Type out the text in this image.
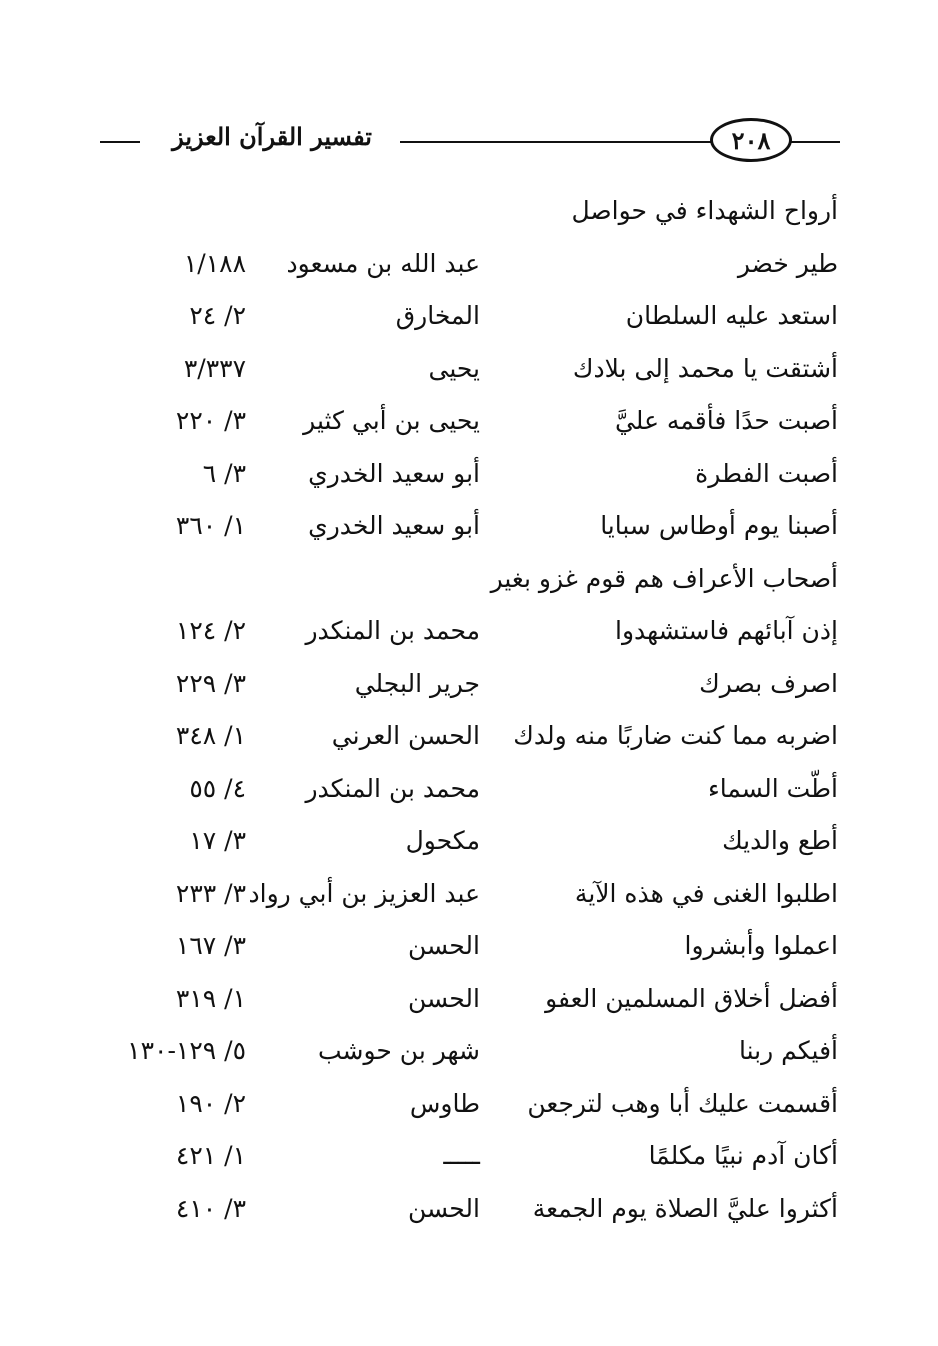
تفسير القرآن العزيز	٢٠٨
أرواح الشهداء في حواصل
طير خضر
عبد الله بن مسعود
١/١٨٨
استعد عليه السلطان
المخارق
٢/ ٢٤
أشتقت يا محمد إلى بلادك
يحيى
٣/٣٣٧
أصبت حدًا فأقمه عليَّ
يحيى بن أبي كثير
٣/ ٢٢٠
أصبت الفطرة
أبو سعيد الخدري
٣/ ٦
أصبنا يوم أوطاس سبايا
أبو سعيد الخدري
١/ ٣٦٠
أصحاب الأعراف هم قوم غزو بغير
إذن آبائهم فاستشهدوا
محمد بن المنكدر
٢/ ١٢٤
اصرف بصرك
جرير البجلي
٣/ ٢٢٩
اضربه مما كنت ضاربًا منه ولدك
الحسن العرني
١/ ٣٤٨
أطّت السماء
محمد بن المنكدر
٤/ ٥٥
أطع والديك
مكحول
٣/ ١٧
اطلبوا الغنى في هذه الآية
عبد العزيز بن أبي رواد
٣/ ٢٣٣
اعملوا وأبشروا
الحسن
٣/ ١٦٧
أفضل أخلاق المسلمين العفو
الحسن
١/ ٣١٩
أفيكم ربنا
شهر بن حوشب
٥/ ١٢٩-١٣٠
أقسمت عليك أبا وهب لترجعن
طاوس
٢/ ١٩٠
أكان آدم نبيًا مكلمًا
ـــــ
١/ ٤٢١
أكثروا عليَّ الصلاة يوم الجمعة
الحسن
٣/ ٤١٠
